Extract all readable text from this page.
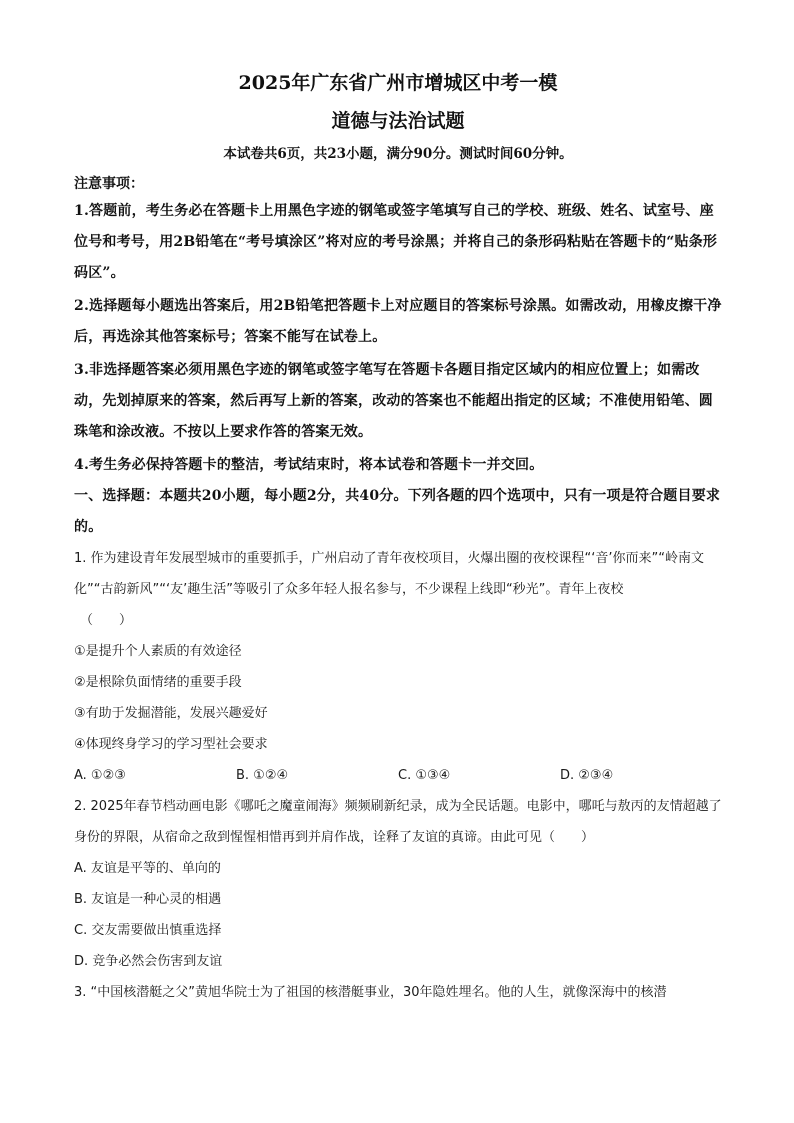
2025年广东省广州市增城区中考一模
道德与法治试题
本试卷共6页，共23小题，满分90分。测试时间60分钟。
注意事项：
1.答题前，考生务必在答题卡上用黑色字迹的钢笔或签字笔填写自己的学校、班级、姓名、试室号、座位号和考号，用2B铅笔在“考号填涂区”将对应的考号涂黑；并将自己的条形码粘贴在答题卡的“贴条形码区”。
2.选择题每小题选出答案后，用2B铅笔把答题卡上对应题目的答案标号涂黑。如需改动，用橡皮擦干净后，再选涂其他答案标号；答案不能写在试卷上。
3.非选择题答案必须用黑色字迹的钢笔或签字笔写在答题卡各题目指定区域内的相应位置上；如需改动，先划掉原来的答案，然后再写上新的答案，改动的答案也不能超出指定的区域；不准使用铅笔、圆珠笔和涂改液。不按以上要求作答的答案无效。
4.考生务必保持答题卡的整洁，考试结束时，将本试卷和答题卡一并交回。
一、选择题：本题共20小题，每小题2分，共40分。下列各题的四个选项中，只有一项是符合题目要求的。
1. 作为建设青年发展型城市的重要抓手，广州启动了青年夜校项目，火爆出圈的夜校课程“‘音’你而来”“岭南文化”“古韵新风”“‘友’趣生活”等吸引了众多年轻人报名参与，不少课程上线即“秒光”。青年上夜校
（　　）
①是提升个人素质的有效途径
②是根除负面情绪的重要手段
③有助于发掘潜能，发展兴趣爱好
④体现终身学习的学习型社会要求
A. ①②③	B. ①②④	C. ①③④	D. ②③④
2. 2025年春节档动画电影《哪吒之魔童闹海》频频刷新纪录，成为全民话题。电影中，哪吒与敖丙的友情超越了身份的界限，从宿命之敌到惺惺相惜再到并肩作战，诠释了友谊的真谛。由此可见（　　）
A. 友谊是平等的、单向的
B. 友谊是一种心灵的相遇
C. 交友需要做出慎重选择
D. 竞争必然会伤害到友谊
3. “中国核潜艇之父”黄旭华院士为了祖国的核潜艇事业，30年隐姓埋名。他的人生，就像深海中的核潜
